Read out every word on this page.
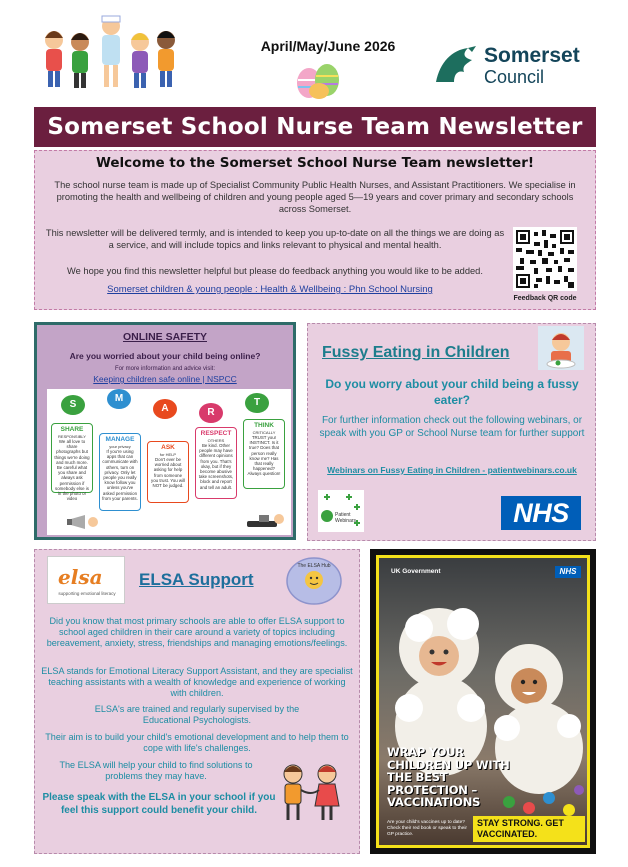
April/May/June 2026	Somerset
Council
Somerset School Nurse Team Newsletter
Welcome to the Somerset School Nurse Team newsletter!
The school nurse team is made up of Specialist Community Public Health Nurses, and Assistant Practitioners. We specialise in promoting the health and wellbeing of children and young people aged 5—19 years and cover primary and secondary schools across Somerset.
This newsletter will be delivered termly, and is intended to keep you up-to-date on all the things we are doing as a service, and will include topics and links relevant to physical and mental health.
We hope you find this newsletter helpful but please do feedback anything you would like to be added.
Somerset children & young people : Health & Wellbeing : Phn School Nursing
Feedback QR code
ONLINE SAFETY
Are you worried about your child being online?
For more information and advice visit:
Keeping children safe online | NSPCC
S
M
A	R
T
SHARE
RESPONSIBLY
We all love to share photographs but things we're doing and much more. Be careful what you share and always ask permission if somebody else is in the photo or video
MANAGE
your privacy
If you're using apps that can communicate with others, turn on privacy. Only let people you really know follow you unless you've asked permission from your parents.
ASK
for HELP
Don't ever be worried about asking for help from someone you trust. You will NOT be judged.
RESPECT
OTHERS
Be kind. Other people may have different opinions from you. That's okay, but if they become abusive take screenshots, block and report and tell an adult.
THINK
CRITICALLY
TRUST your INSTINCT. Is it true? Does that person really know me? Has that really happened? Always question!
Fussy Eating in Children
Do you worry about your child being a fussy eater?
For further information check out the following webinars, or speak with you GP or School Nurse team for further support
Webinars on Fussy Eating in Children - patientwebinars.co.uk
Patient Webinars	NHS
elsa
supporting emotional literacy
ELSA Support
The ELSA Hub
Did you know that most primary schools are able to offer ELSA support to school aged children in their care around a variety of topics including bereavement, anxiety, stress, friendships and managing emotions/feelings.
ELSA stands for Emotional Literacy Support Assistant, and they are specialist teaching assistants with a wealth of knowledge and experience of working with children.
ELSA's are trained and regularly supervised by the Educational Psychologists.
Their aim is to build your child's emotional development and to help them to cope with life's challenges.
The ELSA will help your child to find solutions to problems they may have.
Please speak with the ELSA in your school if you feel this support could benefit your child.
UK Government	NHS
WRAP YOUR CHILDREN UP WITH THE BEST PROTECTION – VACCINATIONS
Are your child's vaccines up to date? Check their red book or speak to their GP practice.
STAY STRONG. GET VACCINATED.
